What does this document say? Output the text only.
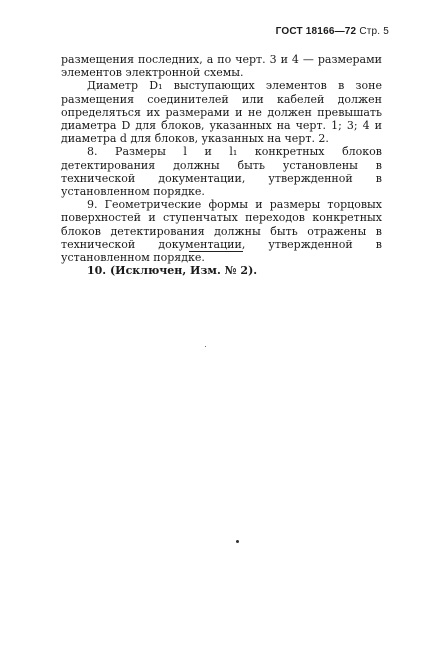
ГОСТ 18166—72 Стр. 5

размещения последних, а по черт. 3 и 4 — размерами элементов электронной схемы.

Диаметр D₁ выступающих элементов в зоне размещения соединителей или кабелей должен определяться их размерами и не должен превышать диаметра D для блоков, указанных на черт. 1; 3; 4 и диаметра d для блоков, указанных на черт. 2.

8. Размеры l и l₁ конкретных блоков детектирования должны быть установлены в технической документации, утвержденной в установленном порядке.

9. Геометрические формы и размеры торцовых поверхностей и ступенчатых переходов конкретных блоков детектирования должны быть отражены в технической документации, утвержденной в установленном порядке.

10. (Исключен, Изм. № 2).
